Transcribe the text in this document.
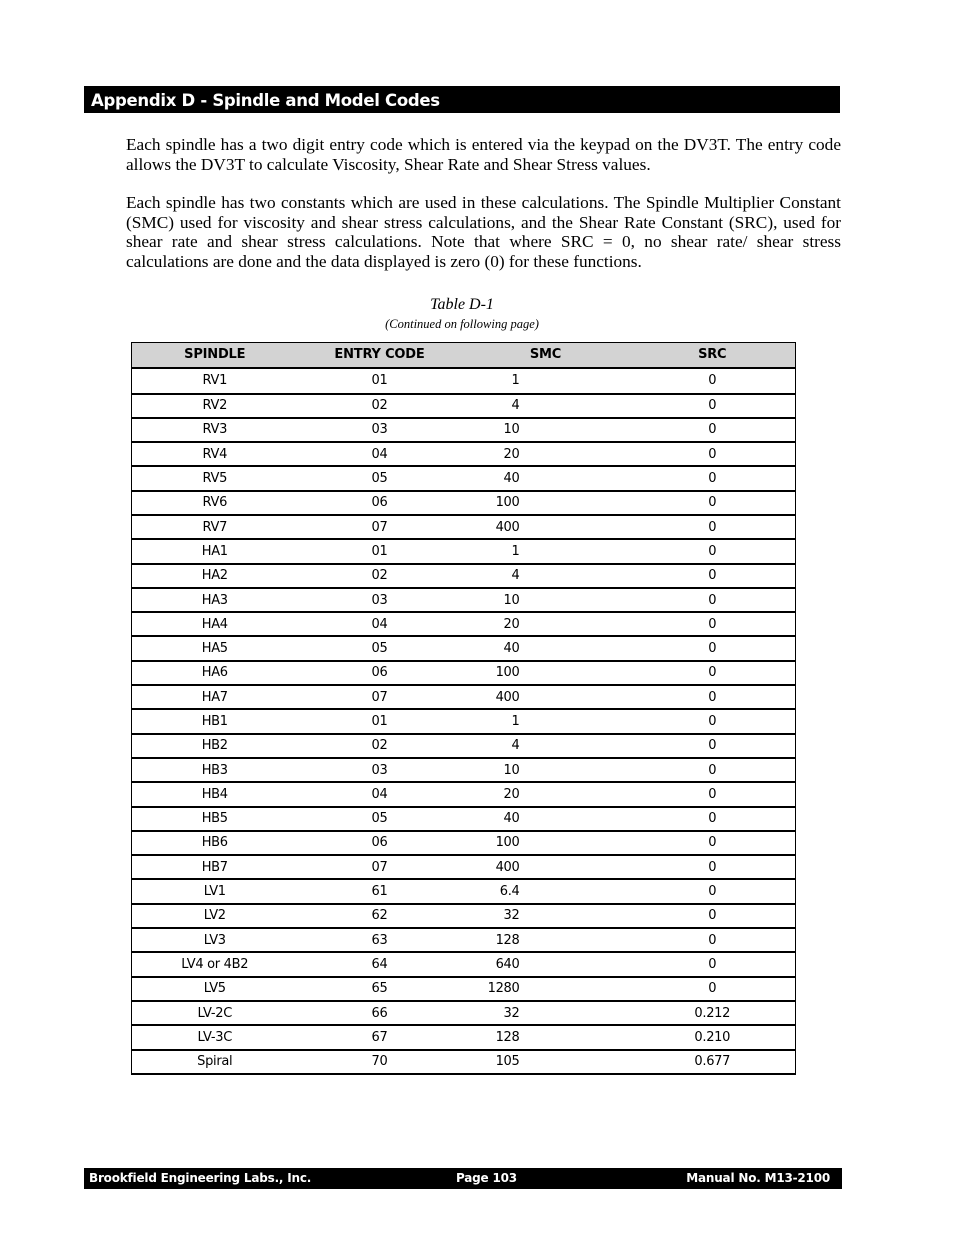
Appendix D - Spindle and Model Codes

Each spindle has a two digit entry code which is entered via the keypad on the DV3T. The entry code allows the DV3T to calculate Viscosity, Shear Rate and Shear Stress values.

Each spindle has two constants which are used in these calculations. The Spindle Multiplier Constant (SMC) used for viscosity and shear stress calculations, and the Shear Rate Constant (SRC), used for shear rate and shear stress calculations. Note that where SRC = 0, no shear rate/ shear stress calculations are done and the data displayed is zero (0) for these functions.

Table D-1
(Continued on following page)
SPINDLE	ENTRY CODE	SMC	SRC
RV1	01	1	0
RV2	02	4	0
RV3	03	10	0
RV4	04	20	0
RV5	05	40	0
RV6	06	100	0
RV7	07	400	0
HA1	01	1	0
HA2	02	4	0
HA3	03	10	0
HA4	04	20	0
HA5	05	40	0
HA6	06	100	0
HA7	07	400	0
HB1	01	1	0
HB2	02	4	0
HB3	03	10	0
HB4	04	20	0
HB5	05	40	0
HB6	06	100	0
HB7	07	400	0
LV1	61	6.4	0
LV2	62	32	0
LV3	63	128	0
LV4 or 4B2	64	640	0
LV5	65	1280	0
LV-2C	66	32	0.212
LV-3C	67	128	0.210
Spiral	70	105	0.677
Brookfield Engineering Labs., Inc.	Page 103	Manual No. M13-2100
